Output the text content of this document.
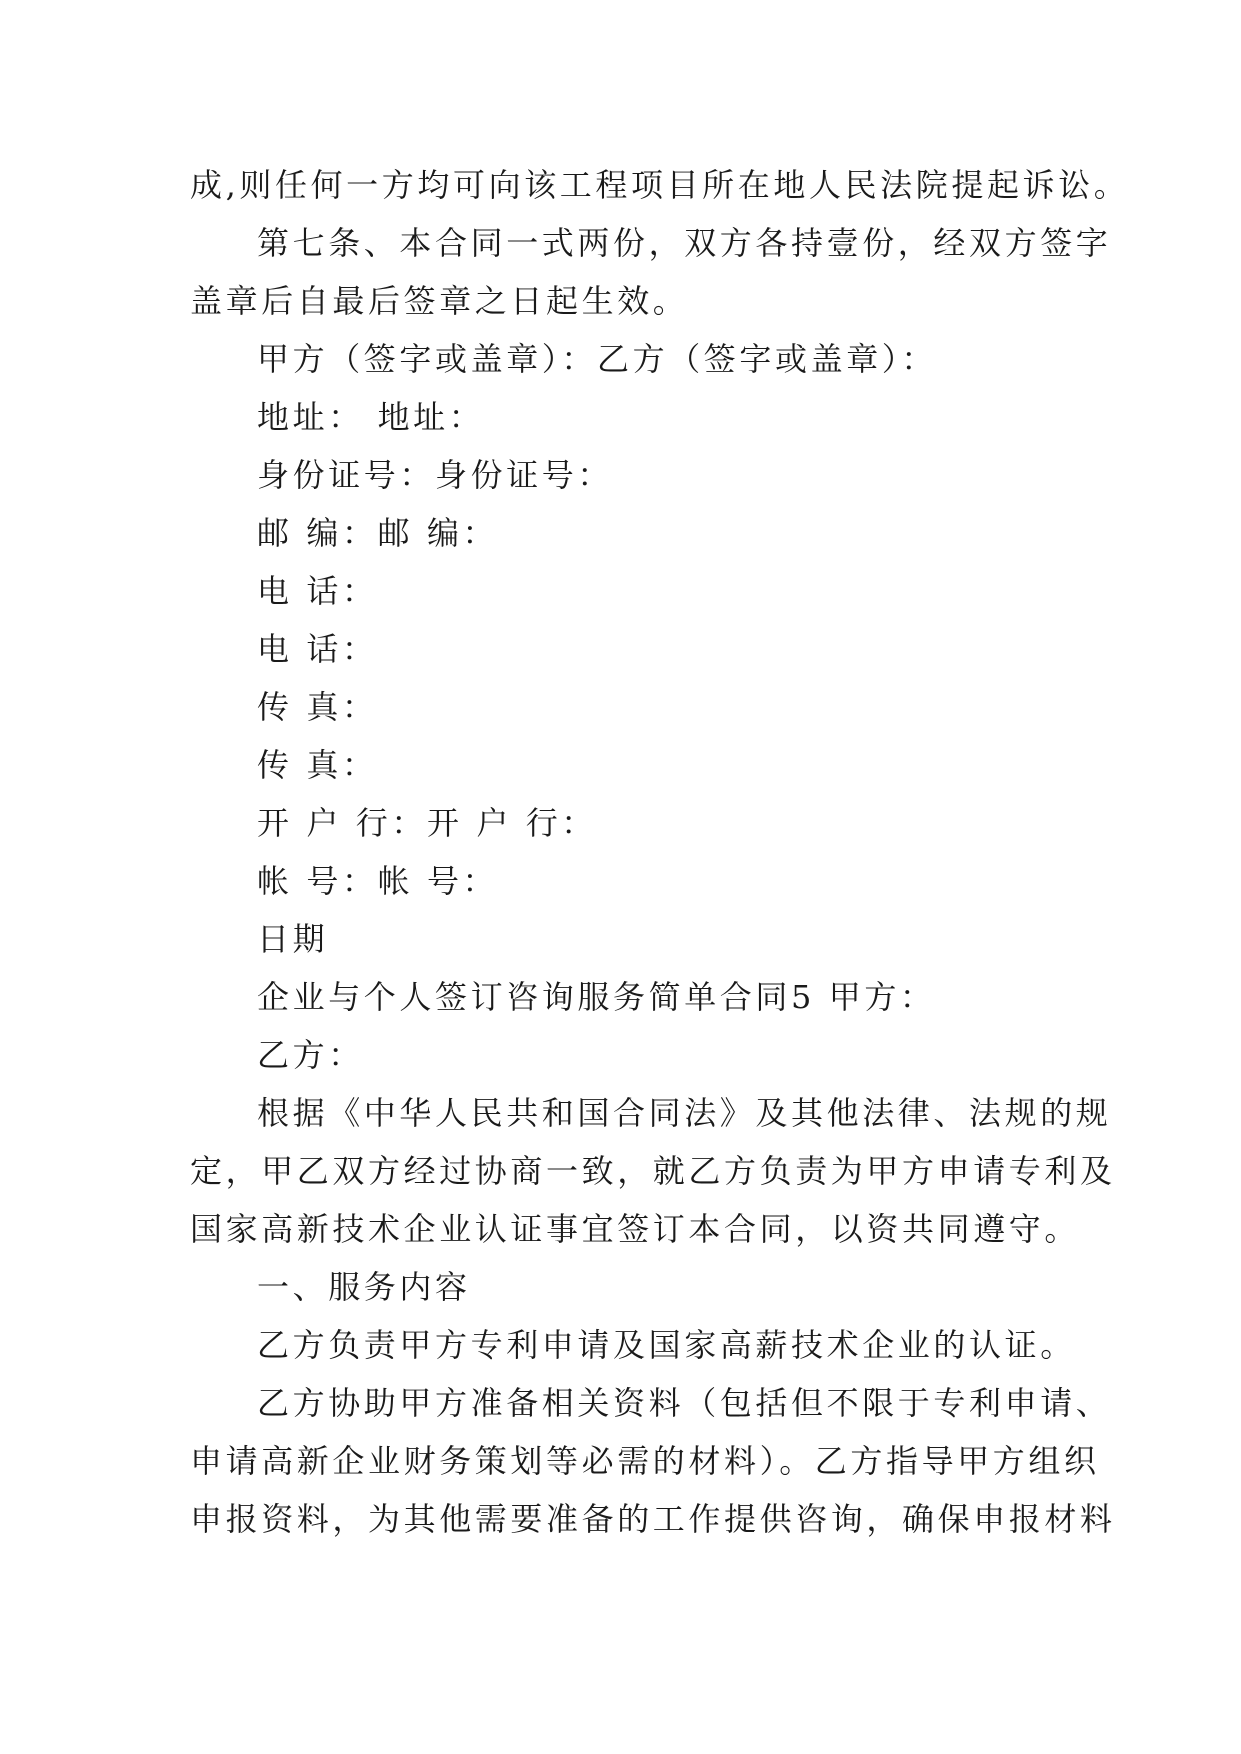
成,则任何一方均可向该工程项目所在地人民法院提起诉讼。
第七条、本合同一式两份，双方各持壹份，经双方签字
盖章后自最后签章之日起生效。
甲方（签字或盖章）：乙方（签字或盖章）：
地址： 地址：
身份证号：身份证号：
邮 编：邮 编：
电 话：
电 话：
传 真：
传 真：
开 户 行：开 户 行：
帐 号：帐 号：
日期
企业与个人签订咨询服务简单合同5 甲方：
乙方：
根据《中华人民共和国合同法》及其他法律、法规的规
定，甲乙双方经过协商一致，就乙方负责为甲方申请专利及
国家高新技术企业认证事宜签订本合同，以资共同遵守。
一、服务内容
乙方负责甲方专利申请及国家高薪技术企业的认证。
乙方协助甲方准备相关资料（包括但不限于专利申请、
申请高新企业财务策划等必需的材料）。乙方指导甲方组织
申报资料，为其他需要准备的工作提供咨询，确保申报材料
